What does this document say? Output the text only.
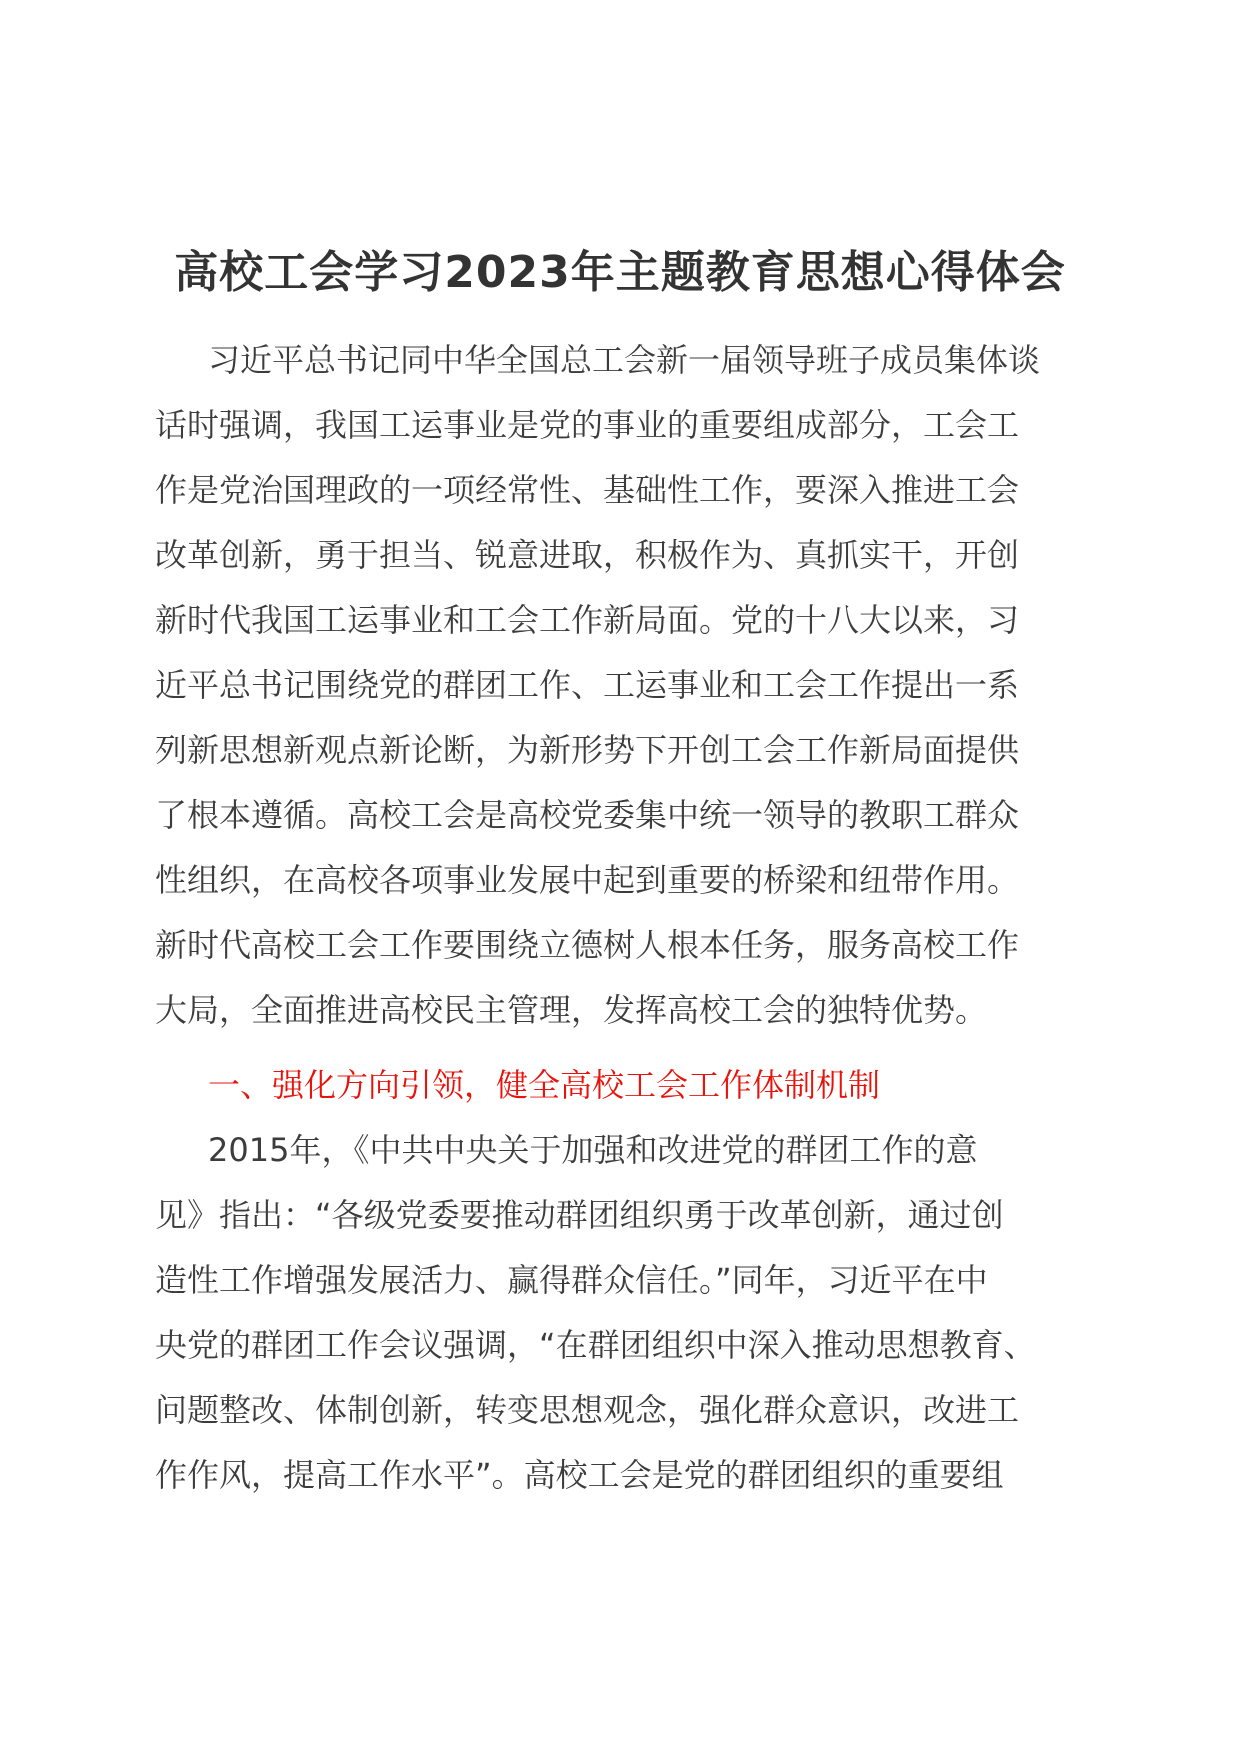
高校工会学习2023年主题教育思想心得体会
习近平总书记同中华全国总工会新一届领导班子成员集体谈
话时强调，我国工运事业是党的事业的重要组成部分，工会工
作是党治国理政的一项经常性、基础性工作，要深入推进工会
改革创新，勇于担当、锐意进取，积极作为、真抓实干，开创
新时代我国工运事业和工会工作新局面。党的十八大以来，习
近平总书记围绕党的群团工作、工运事业和工会工作提出一系
列新思想新观点新论断，为新形势下开创工会工作新局面提供
了根本遵循。高校工会是高校党委集中统一领导的教职工群众
性组织，在高校各项事业发展中起到重要的桥梁和纽带作用。
新时代高校工会工作要围绕立德树人根本任务，服务高校工作
大局，全面推进高校民主管理，发挥高校工会的独特优势。
一、强化方向引领，健全高校工会工作体制机制
2015年，《中共中央关于加强和改进党的群团工作的意
见》指出：“各级党委要推动群团组织勇于改革创新，通过创
造性工作增强发展活力、赢得群众信任。”同年，习近平在中
央党的群团工作会议强调，“在群团组织中深入推动思想教育、
问题整改、体制创新，转变思想观念，强化群众意识，改进工
作作风，提高工作水平”。高校工会是党的群团组织的重要组
